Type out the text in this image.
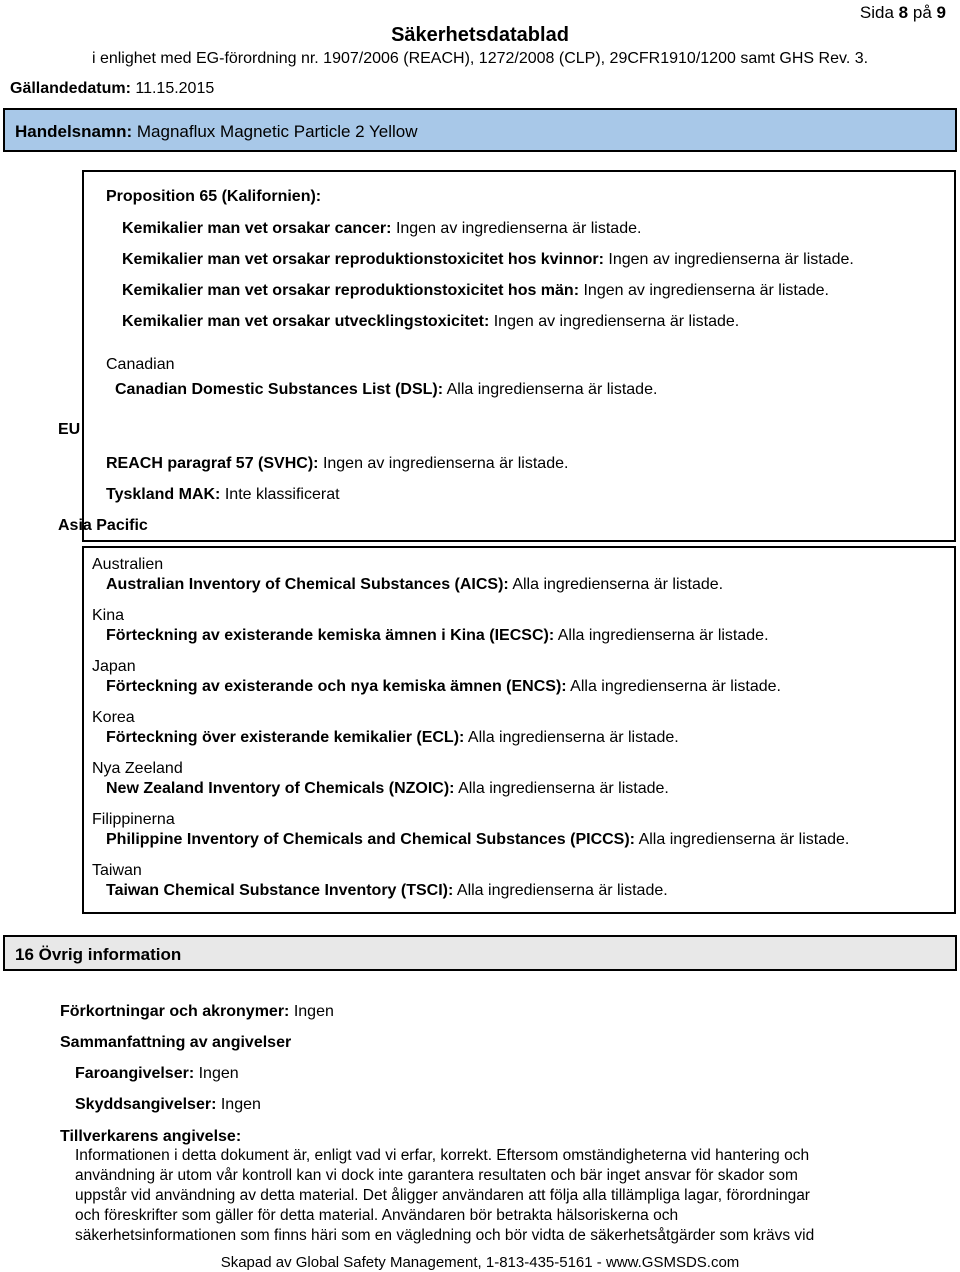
Sida 8 på 9
Säkerhetsdatablad
i enlighet med EG-förordning nr. 1907/2006 (REACH), 1272/2008 (CLP), 29CFR1910/1200 samt GHS Rev. 3.
Gällandedatum: 11.15.2015
Handelsnamn: Magnaflux Magnetic Particle 2 Yellow
Proposition 65 (Kalifornien):
Kemikalier man vet orsakar cancer: Ingen av ingredienserna är listade.
Kemikalier man vet orsakar reproduktionstoxicitet hos kvinnor: Ingen av ingredienserna är listade.
Kemikalier man vet orsakar reproduktionstoxicitet hos män: Ingen av ingredienserna är listade.
Kemikalier man vet orsakar utvecklingstoxicitet: Ingen av ingredienserna är listade.
Canadian
Canadian Domestic Substances List (DSL): Alla ingredienserna är listade.
EU
REACH paragraf 57 (SVHC): Ingen av ingredienserna är listade.
Tyskland MAK: Inte klassificerat
Asia Pacific
Australien
Australian Inventory of Chemical Substances (AICS): Alla ingredienserna är listade.
Kina
Förteckning av existerande kemiska ämnen i Kina (IECSC): Alla ingredienserna är listade.
Japan
Förteckning av existerande och nya kemiska ämnen (ENCS): Alla ingredienserna är listade.
Korea
Förteckning över existerande kemikalier (ECL): Alla ingredienserna är listade.
Nya Zeeland
New Zealand Inventory of Chemicals (NZOIC): Alla ingredienserna är listade.
Filippinerna
Philippine Inventory of Chemicals and Chemical Substances (PICCS): Alla ingredienserna är listade.
Taiwan
Taiwan Chemical Substance Inventory (TSCI): Alla ingredienserna är listade.
16 Övrig information
Förkortningar och akronymer: Ingen
Sammanfattning av angivelser
Faroangivelser: Ingen
Skyddsangivelser: Ingen
Tillverkarens angivelse:
Informationen i detta dokument är, enligt vad vi erfar, korrekt. Eftersom omständigheterna vid hantering och
användning är utom vår kontroll kan vi dock inte garantera resultaten och bär inget ansvar för skador som
uppstår vid användning av detta material. Det åligger användaren att följa alla tillämpliga lagar, förordningar
och föreskrifter som gäller för detta material. Användaren bör betrakta hälsoriskerna och
säkerhetsinformationen som finns häri som en vägledning och bör vidta de säkerhetsåtgärder som krävs vid
Skapad av Global Safety Management, 1-813-435-5161 - www.GSMSDS.com
